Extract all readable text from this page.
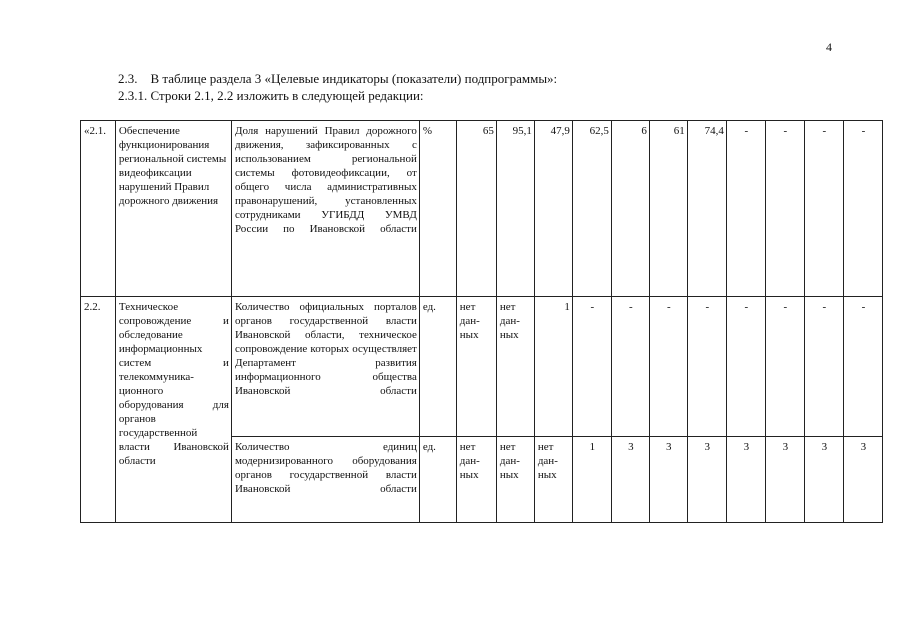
4
2.3.    В таблице раздела 3 «Целевые индикаторы (показатели) подпрограммы»:
2.3.1. Строки 2.1, 2.2 изложить в следующей редакции:
«2.1.	Обеспечение функционирования региональной системы видеофиксации нарушений Правил дорожного движения	Доля нарушений Правил дорожного движения, зафиксированных с использованием региональной системы фотовидеофиксации, от общего числа административных правонарушений, установленных сотрудниками УГИБДД УМВД России по Ивановской области	%	65	95,1	47,9	62,5	6	61	74,4	-	-	-	-
2.2.	Техническое сопровождение и обследование информационных систем и телекоммуника-ционного оборудования для органов государственной власти Ивановской области	Количество официальных порталов органов государственной власти Ивановской области, техническое сопровождение которых осуществляет Департамент развития информационного общества Ивановской области	ед.	нет дан-ных	нет дан-ных	1	-	-	-	-	-	-	-	-
		Количество единиц модернизированного оборудования органов государственной власти Ивановской области	ед.	нет дан-ных	нет дан-ных	нет дан-ных	1	3	3	3	3	3	3	3
